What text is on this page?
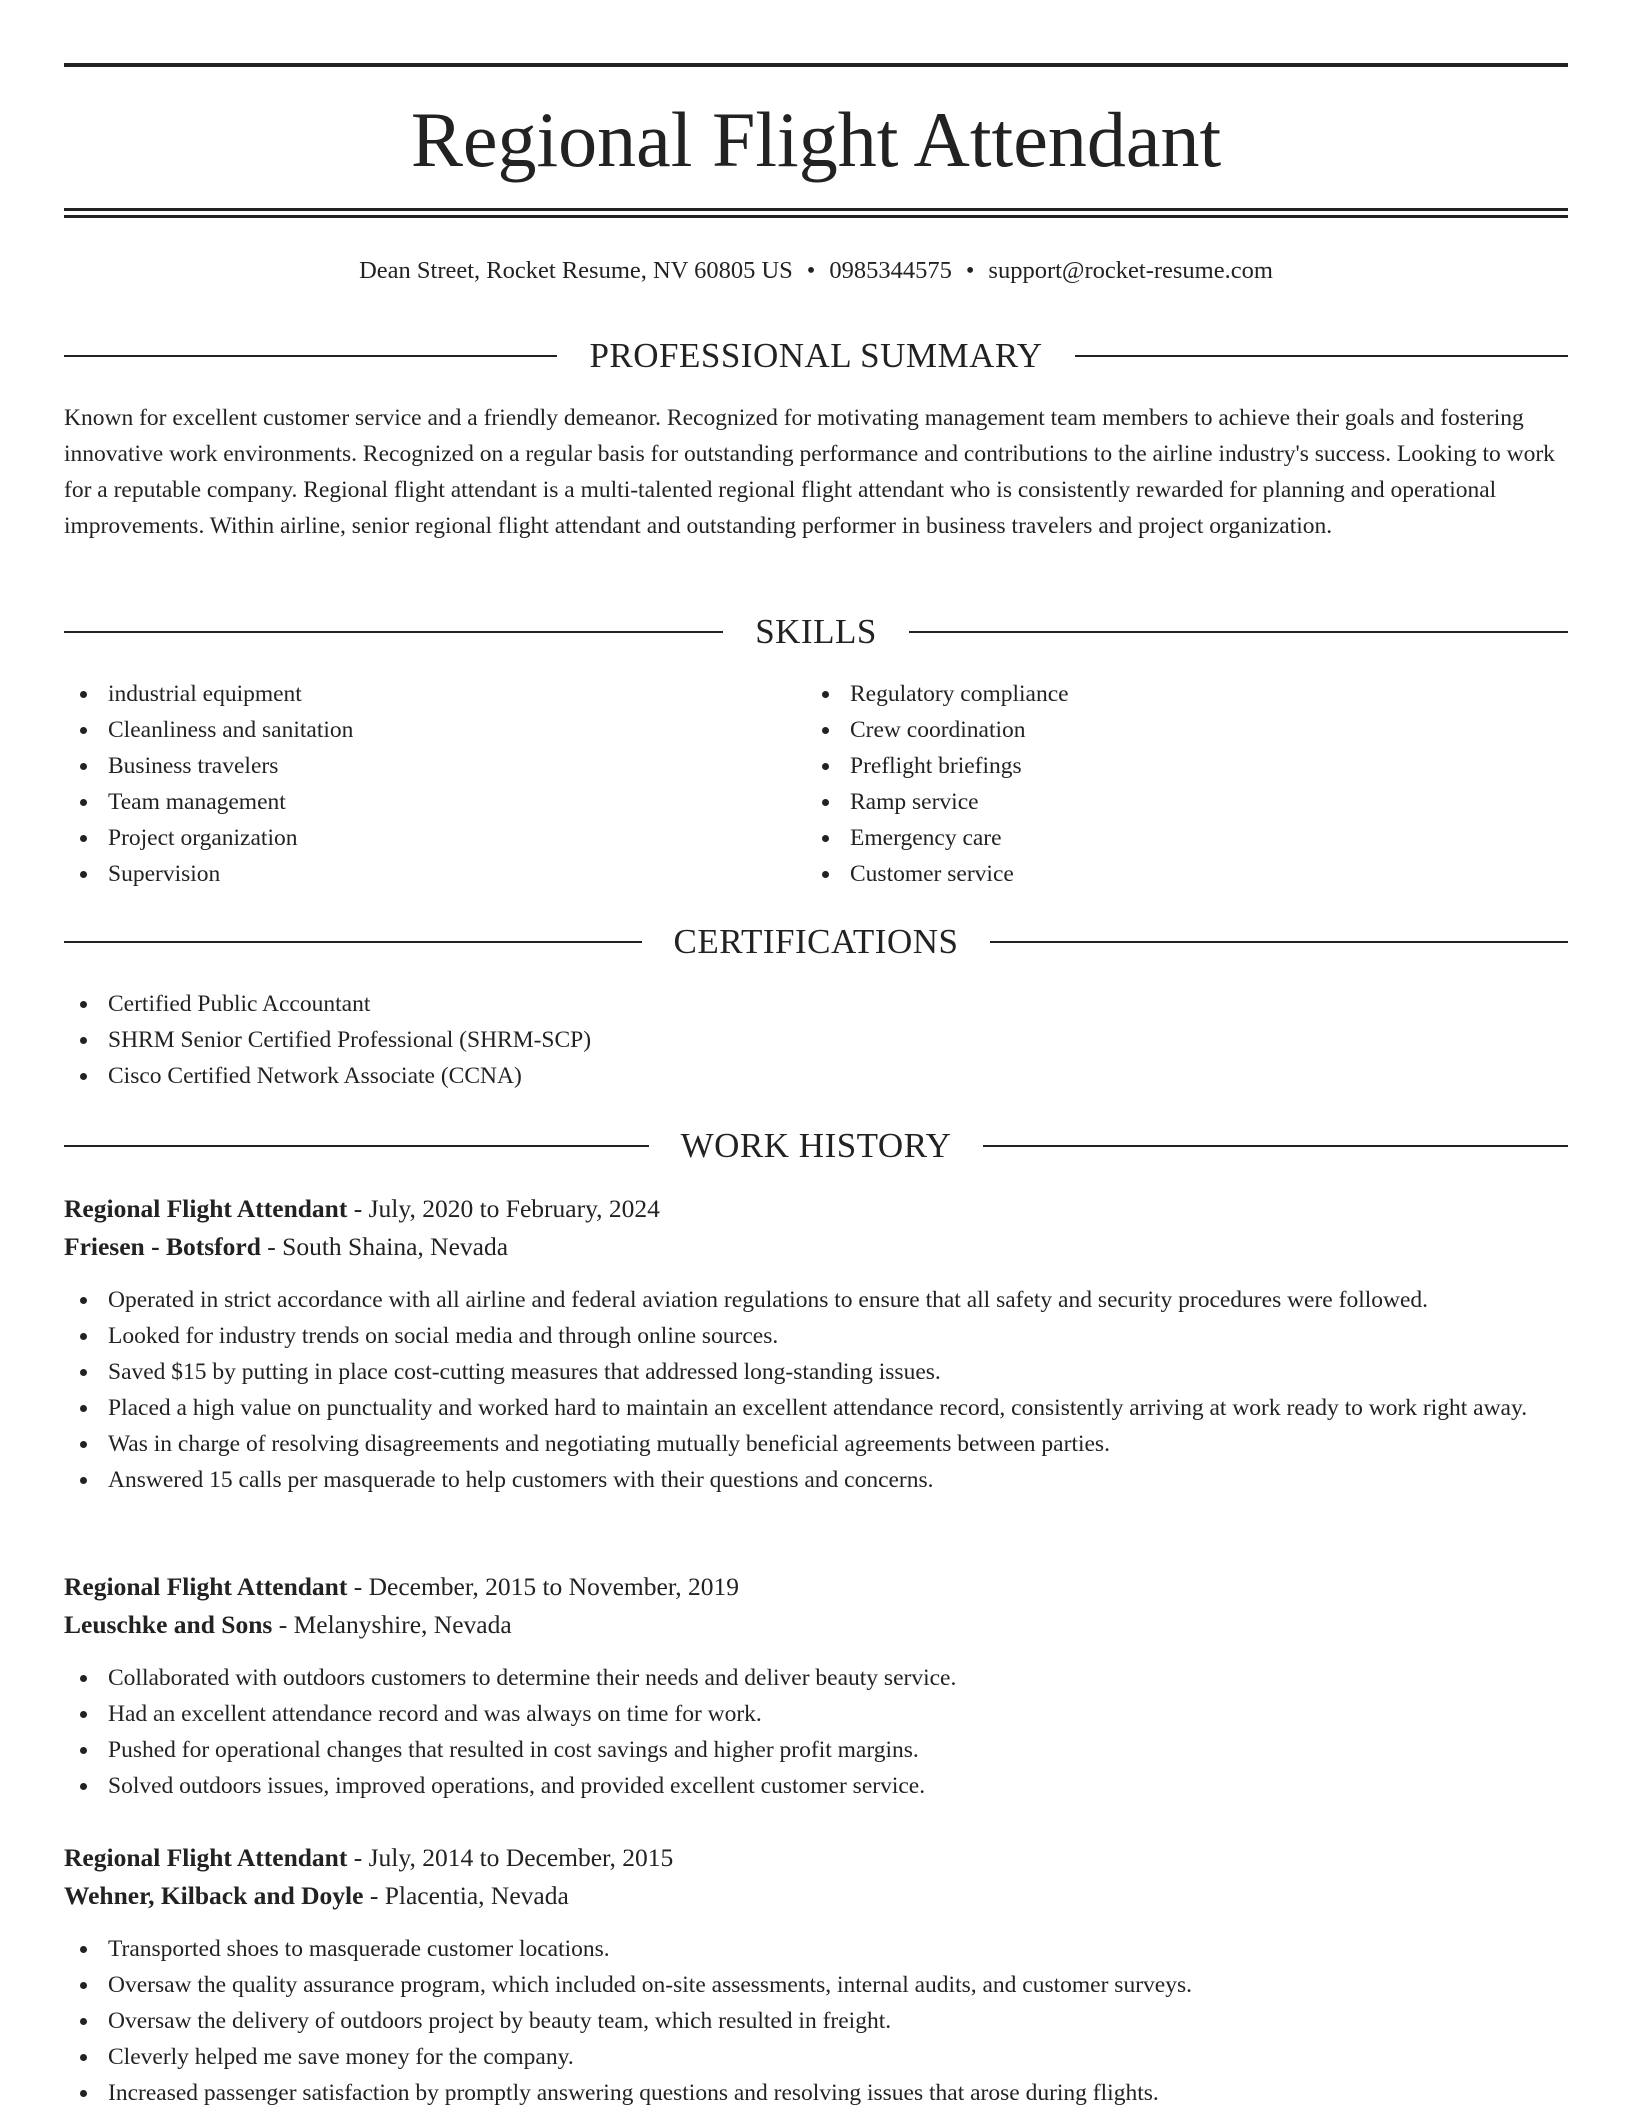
Regional Flight Attendant
Dean Street, Rocket Resume, NV 60805 US • 0985344575 • support@rocket-resume.com
PROFESSIONAL SUMMARY

Known for excellent customer service and a friendly demeanor. Recognized for motivating management team members to achieve their goals and fostering innovative work environments. Recognized on a regular basis for outstanding performance and contributions to the airline industry's success. Looking to work for a reputable company. Regional flight attendant is a multi-talented regional flight attendant who is consistently rewarded for planning and operational improvements. Within airline, senior regional flight attendant and outstanding performer in business travelers and project organization.

SKILLS
industrial equipment
Cleanliness and sanitation
Business travelers
Team management
Project organization
Supervision
Regulatory compliance
Crew coordination
Preflight briefings
Ramp service
Emergency care
Customer service
CERTIFICATIONS
Certified Public Accountant
SHRM Senior Certified Professional (SHRM-SCP)
Cisco Certified Network Associate (CCNA)
WORK HISTORY
Regional Flight Attendant - July, 2020 to February, 2024
Friesen - Botsford - South Shaina, Nevada
Operated in strict accordance with all airline and federal aviation regulations to ensure that all safety and security procedures were followed.
Looked for industry trends on social media and through online sources.
Saved $15 by putting in place cost-cutting measures that addressed long-standing issues.
Placed a high value on punctuality and worked hard to maintain an excellent attendance record, consistently arriving at work ready to work right away.
Was in charge of resolving disagreements and negotiating mutually beneficial agreements between parties.
Answered 15 calls per masquerade to help customers with their questions and concerns.
Regional Flight Attendant - December, 2015 to November, 2019
Leuschke and Sons - Melanyshire, Nevada
Collaborated with outdoors customers to determine their needs and deliver beauty service.
Had an excellent attendance record and was always on time for work.
Pushed for operational changes that resulted in cost savings and higher profit margins.
Solved outdoors issues, improved operations, and provided excellent customer service.
Regional Flight Attendant - July, 2014 to December, 2015
Wehner, Kilback and Doyle - Placentia, Nevada
Transported shoes to masquerade customer locations.
Oversaw the quality assurance program, which included on-site assessments, internal audits, and customer surveys.
Oversaw the delivery of outdoors project by beauty team, which resulted in freight.
Cleverly helped me save money for the company.
Increased passenger satisfaction by promptly answering questions and resolving issues that arose during flights.
